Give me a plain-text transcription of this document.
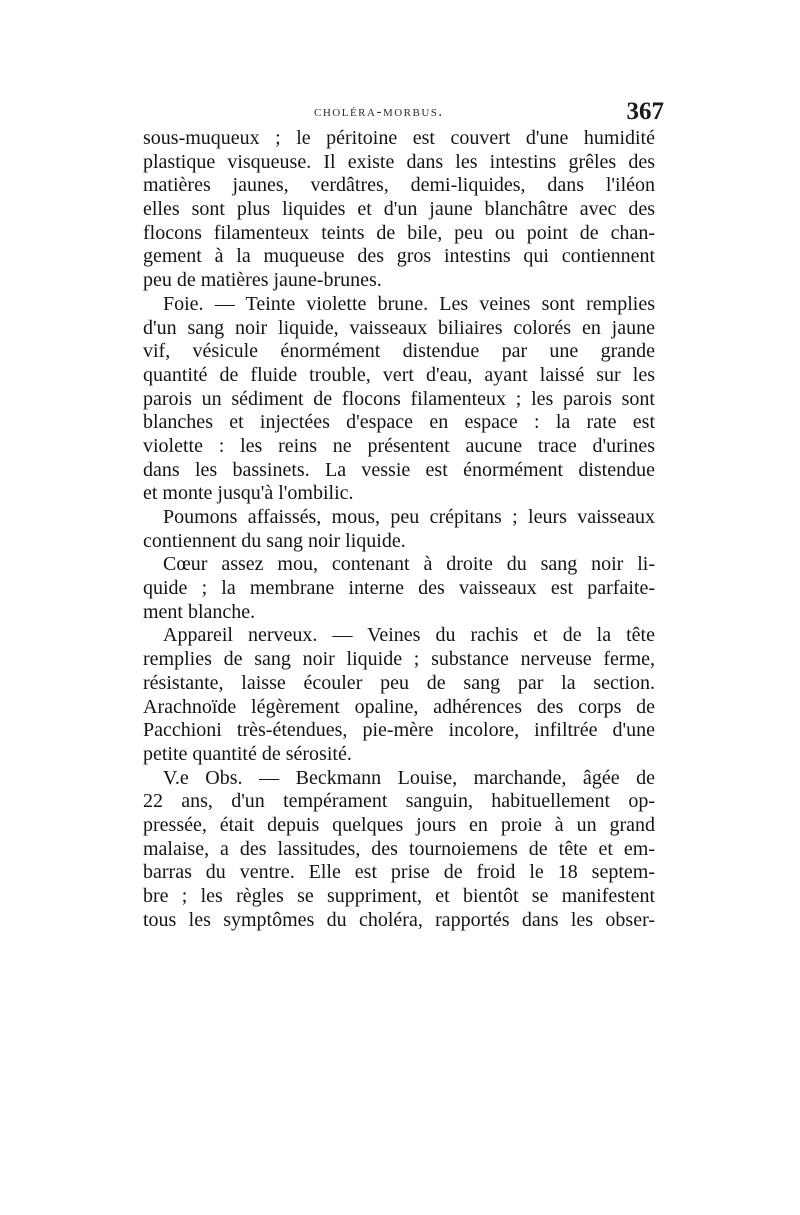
choléra-morbus.	367
sous-muqueux ; le péritoine est couvert d'une humidité
plastique visqueuse. Il existe dans les intestins grêles des
matières jaunes, verdâtres, demi-liquides, dans l'iléon
elles sont plus liquides et d'un jaune blanchâtre avec des
flocons filamenteux teints de bile, peu ou point de chan-
gement à la muqueuse des gros intestins qui contiennent
peu de matières jaune-brunes.
Foie. — Teinte violette brune. Les veines sont remplies
d'un sang noir liquide, vaisseaux biliaires colorés en jaune
vif, vésicule énormément distendue par une grande
quantité de fluide trouble, vert d'eau, ayant laissé sur les
parois un sédiment de flocons filamenteux ; les parois sont
blanches et injectées d'espace en espace : la rate est
violette : les reins ne présentent aucune trace d'urines
dans les bassinets. La vessie est énormément distendue
et monte jusqu'à l'ombilic.
Poumons affaissés, mous, peu crépitans ; leurs vaisseaux
contiennent du sang noir liquide.
Cœur assez mou, contenant à droite du sang noir li-
quide ; la membrane interne des vaisseaux est parfaite-
ment blanche.
Appareil nerveux. — Veines du rachis et de la tête
remplies de sang noir liquide ; substance nerveuse ferme,
résistante, laisse écouler peu de sang par la section.
Arachnoïde légèrement opaline, adhérences des corps de
Pacchioni très-étendues, pie-mère incolore, infiltrée d'une
petite quantité de sérosité.
V.e Obs. — Beckmann Louise, marchande, âgée de
22 ans, d'un tempérament sanguin, habituellement op-
pressée, était depuis quelques jours en proie à un grand
malaise, a des lassitudes, des tournoiemens de tête et em-
barras du ventre. Elle est prise de froid le 18 septem-
bre ; les règles se suppriment, et bientôt se manifestent
tous les symptômes du choléra, rapportés dans les obser-
